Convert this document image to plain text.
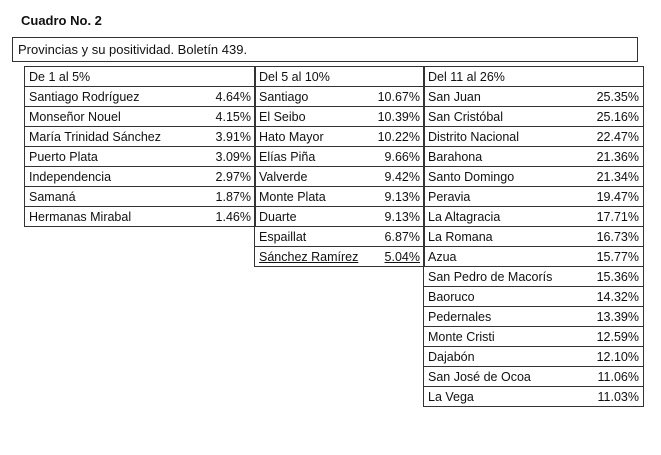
Cuadro No. 2
Provincias y su positividad. Boletín 439.
De 1 al 5%

Santiago Rodríguez	4.64%

Monseñor Nouel	4.15%

María Trinidad Sánchez	3.91%

Puerto Plata	3.09%

Independencia	2.97%

Samaná	1.87%

Hermanas Mirabal	1.46%
Del 5 al 10%

Santiago	10.67%

El Seibo	10.39%

Hato Mayor	10.22%

Elías Piña	9.66%

Valverde	9.42%

Monte Plata	9.13%

Duarte	9.13%

Espaillat	6.87%

Sánchez Ramírez 5.04%
Del 11 al 26%

San Juan	25.35%

San Cristóbal	25.16%

Distrito Nacional	22.47%

Barahona	21.36%

Santo Domingo	21.34%

Peravia	19.47%

La Altagracia	17.71%

La Romana	16.73%

Azua	15.77%

San Pedro de Macorís	15.36%

Baoruco	14.32%

Pedernales	13.39%

Monte Cristi	12.59%

Dajabón	12.10%

San José de Ocoa	11.06%

La Vega	11.03%
